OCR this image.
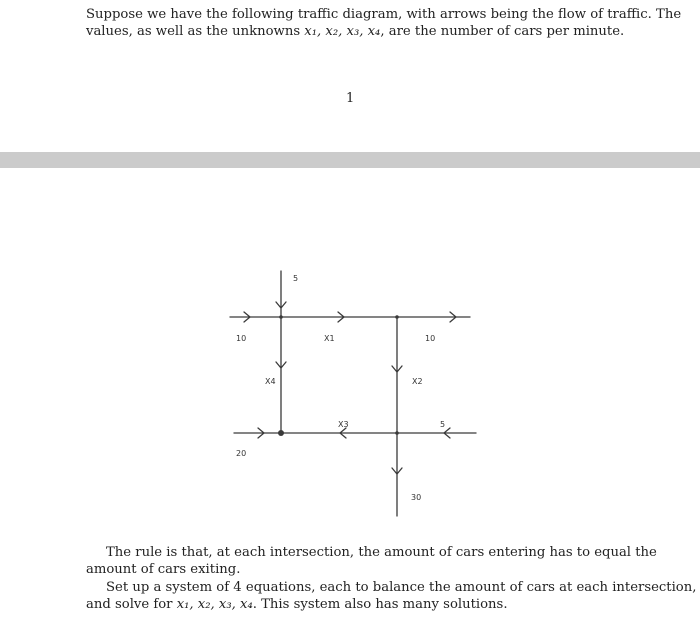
Suppose we have the following traffic diagram, with arrows being the flow of traffic. The

values, as well as the unknowns x₁, x₂, x₃, x₄, are the number of cars per minute.

1
5
10	X1	10
X4	X2
X3	5
20
30

The rule is that, at each intersection, the amount of cars entering has to equal the

amount of cars exiting.

Set up a system of 4 equations, each to balance the amount of cars at each intersection,

and solve for x₁, x₂, x₃, x₄. This system also has many solutions.
